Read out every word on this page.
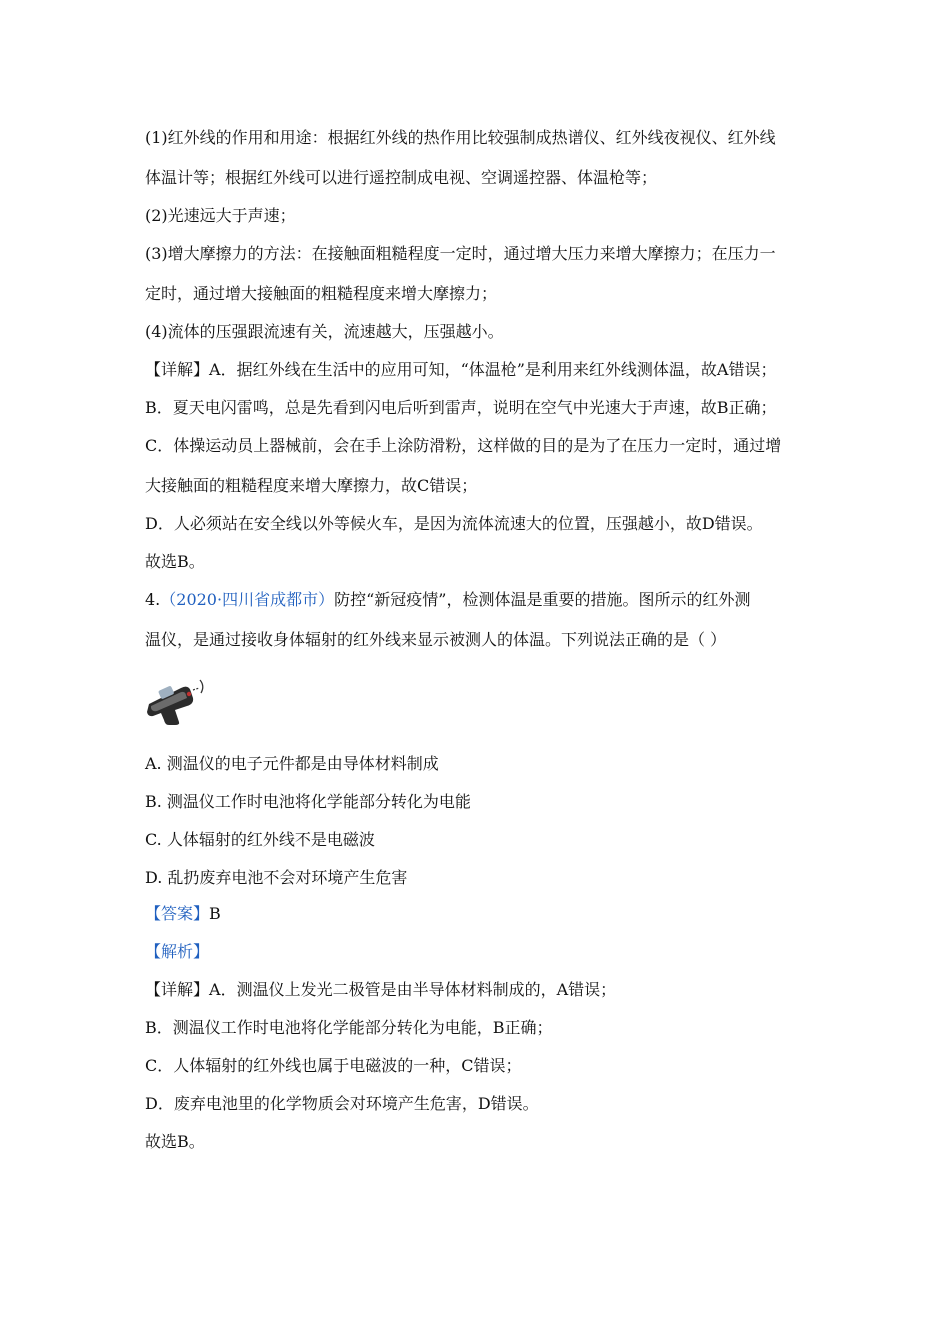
(1)红外线的作用和用途：根据红外线的热作用比较强制成热谱仪、红外线夜视仪、红外线
体温计等；根据红外线可以进行遥控制成电视、空调遥控器、体温枪等；
(2)光速远大于声速；
(3)增大摩擦力的方法：在接触面粗糙程度一定时，通过增大压力来增大摩擦力；在压力一
定时，通过增大接触面的粗糙程度来增大摩擦力；
(4)流体的压强跟流速有关，流速越大，压强越小。
【详解】A．据红外线在生活中的应用可知，“体温枪”是利用来红外线测体温，故A错误；
B．夏天电闪雷鸣，总是先看到闪电后听到雷声，说明在空气中光速大于声速，故B正确；
C．体操运动员上器械前，会在手上涂防滑粉，这样做的目的是为了在压力一定时，通过增
大接触面的粗糙程度来增大摩擦力，故C错误；
D．人必须站在安全线以外等候火车，是因为流体流速大的位置，压强越小，故D错误。
故选B。
4.（2020·四川省成都市）防控“新冠疫情”，检测体温是重要的措施。图所示的红外测
温仪，是通过接收身体辐射的红外线来显示被测人的体温。下列说法正确的是（ ）
A. 测温仪的电子元件都是由导体材料制成
B. 测温仪工作时电池将化学能部分转化为电能
C. 人体辐射的红外线不是电磁波
D. 乱扔废弃电池不会对环境产生危害
【答案】B
【解析】
【详解】A．测温仪上发光二极管是由半导体材料制成的，A错误；
B．测温仪工作时电池将化学能部分转化为电能，B正确；
C．人体辐射的红外线也属于电磁波的一种，C错误；
D．废弃电池里的化学物质会对环境产生危害，D错误。
故选B。
